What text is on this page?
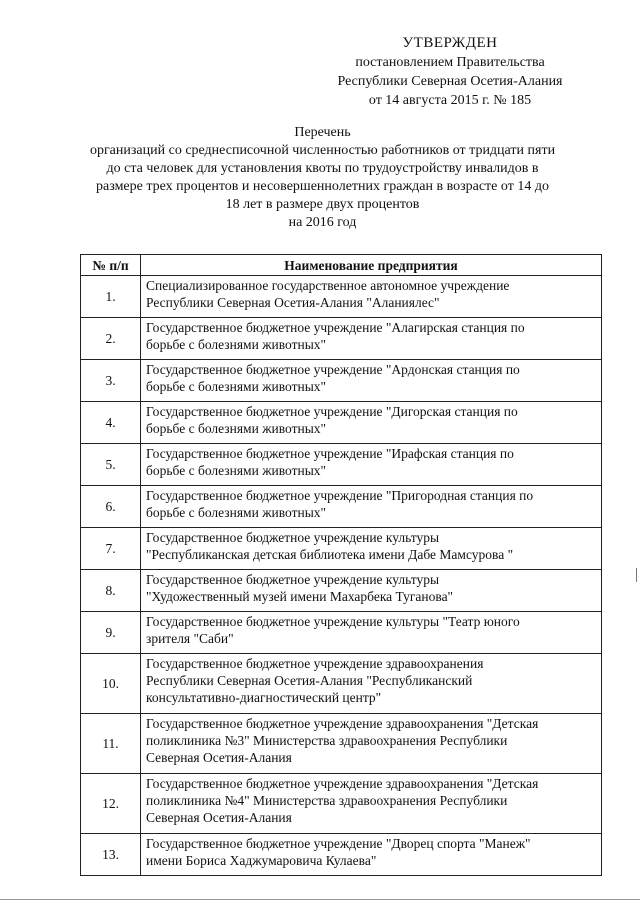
УТВЕРЖДЕН
постановлением Правительства
Республики Северная Осетия-Алания
от 14 августа 2015 г. № 185
Перечень
организаций со среднесписочной численностью работников от тридцати пяти
до ста человек для установления квоты по трудоустройству инвалидов в
размере трех процентов и несовершеннолетних граждан в возрасте от 14 до
18 лет в размере двух процентов
на 2016 год
№ п/п	Наименование предприятия
1.	Специализированное государственное автономное учреждение
Республики Северная Осетия-Алания "Аланиялес"

2.	Государственное бюджетное учреждение "Алагирская станция по
борьбе с болезнями животных"

3.	Государственное бюджетное учреждение "Ардонская станция по
борьбе с болезнями животных"

4.	Государственное бюджетное учреждение "Дигорская станция по
борьбе с болезнями животных"

5.	Государственное бюджетное учреждение "Ирафская станция по
борьбе с болезнями животных"

6.	Государственное бюджетное учреждение "Пригородная станция по
борьбе с болезнями животных"

7.	Государственное бюджетное учреждение культуры
"Республиканская детская библиотека имени Дабе Мамсурова "

8.	Государственное бюджетное учреждение культуры
"Художественный музей имени Махарбека Туганова"

9.	Государственное бюджетное учреждение культуры "Театр юного
зрителя "Саби"

10.	Государственное бюджетное учреждение здравоохранения
Республики Северная Осетия-Алания "Республиканский
консультативно-диагностический центр"

11.	Государственное бюджетное учреждение здравоохранения "Детская
поликлиника №3" Министерства здравоохранения Республики
Северная Осетия-Алания

12.	Государственное бюджетное учреждение здравоохранения "Детская
поликлиника №4" Министерства здравоохранения Республики
Северная Осетия-Алания

13.	Государственное бюджетное учреждение "Дворец спорта "Манеж"
имени Бориса Хаджумаровича Кулаева"
